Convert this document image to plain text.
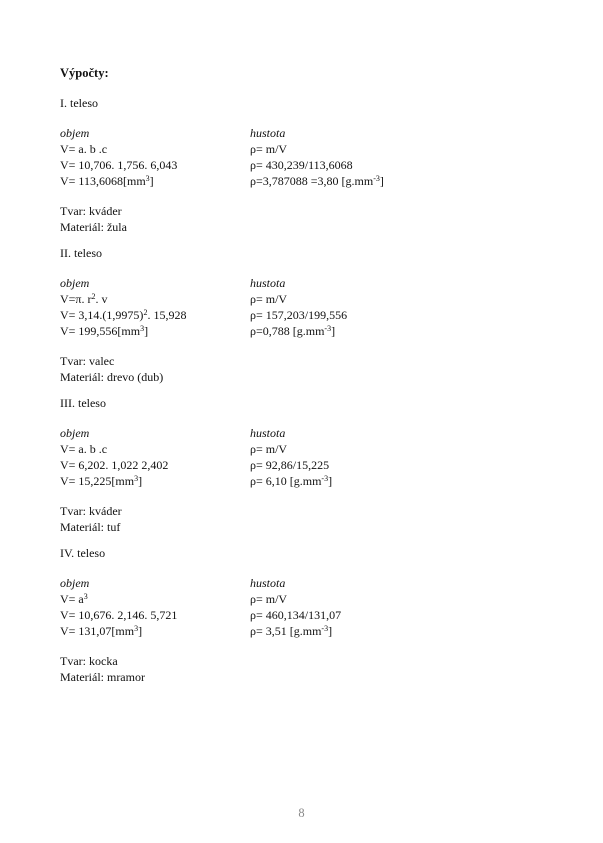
Výpočty:
I. teleso
objem	hustota
V= a. b .c	ρ= m/V
V= 10,706. 1,756. 6,043	ρ= 430,239/113,6068
$V= 113,6068[mm^3]$	ρ=3,787088 =3,80 $[g.mm^{-3}]$
Tvar: kváder
Materiál: žula
II. teleso
objem	hustota
V=π. $r^2$. v	ρ= m/V
$V= 3,14.(1,9975)^2$. 15,928	ρ= 157,203/199,556
$V= 199,556[mm^3]$	ρ=0,788 $[g.mm^{-3}]$
Tvar: valec
Materiál: drevo (dub)
III. teleso
objem	hustota
V= a. b .c	ρ= m/V
V= 6,202. 1,022 2,402	ρ= 92,86/15,225
$V= 15,225[mm^3]$	ρ= 6,10 $[g.mm^{-3}]$
Tvar: kváder
Materiál: tuf
IV. teleso
objem	hustota
$V= a^3$	ρ= m/V
V= 10,676. 2,146. 5,721	ρ= 460,134/131,07
$V= 131,07[mm^3]$	ρ= 3,51 $[g.mm^{-3}]$
Tvar: kocka
Materiál: mramor
8
